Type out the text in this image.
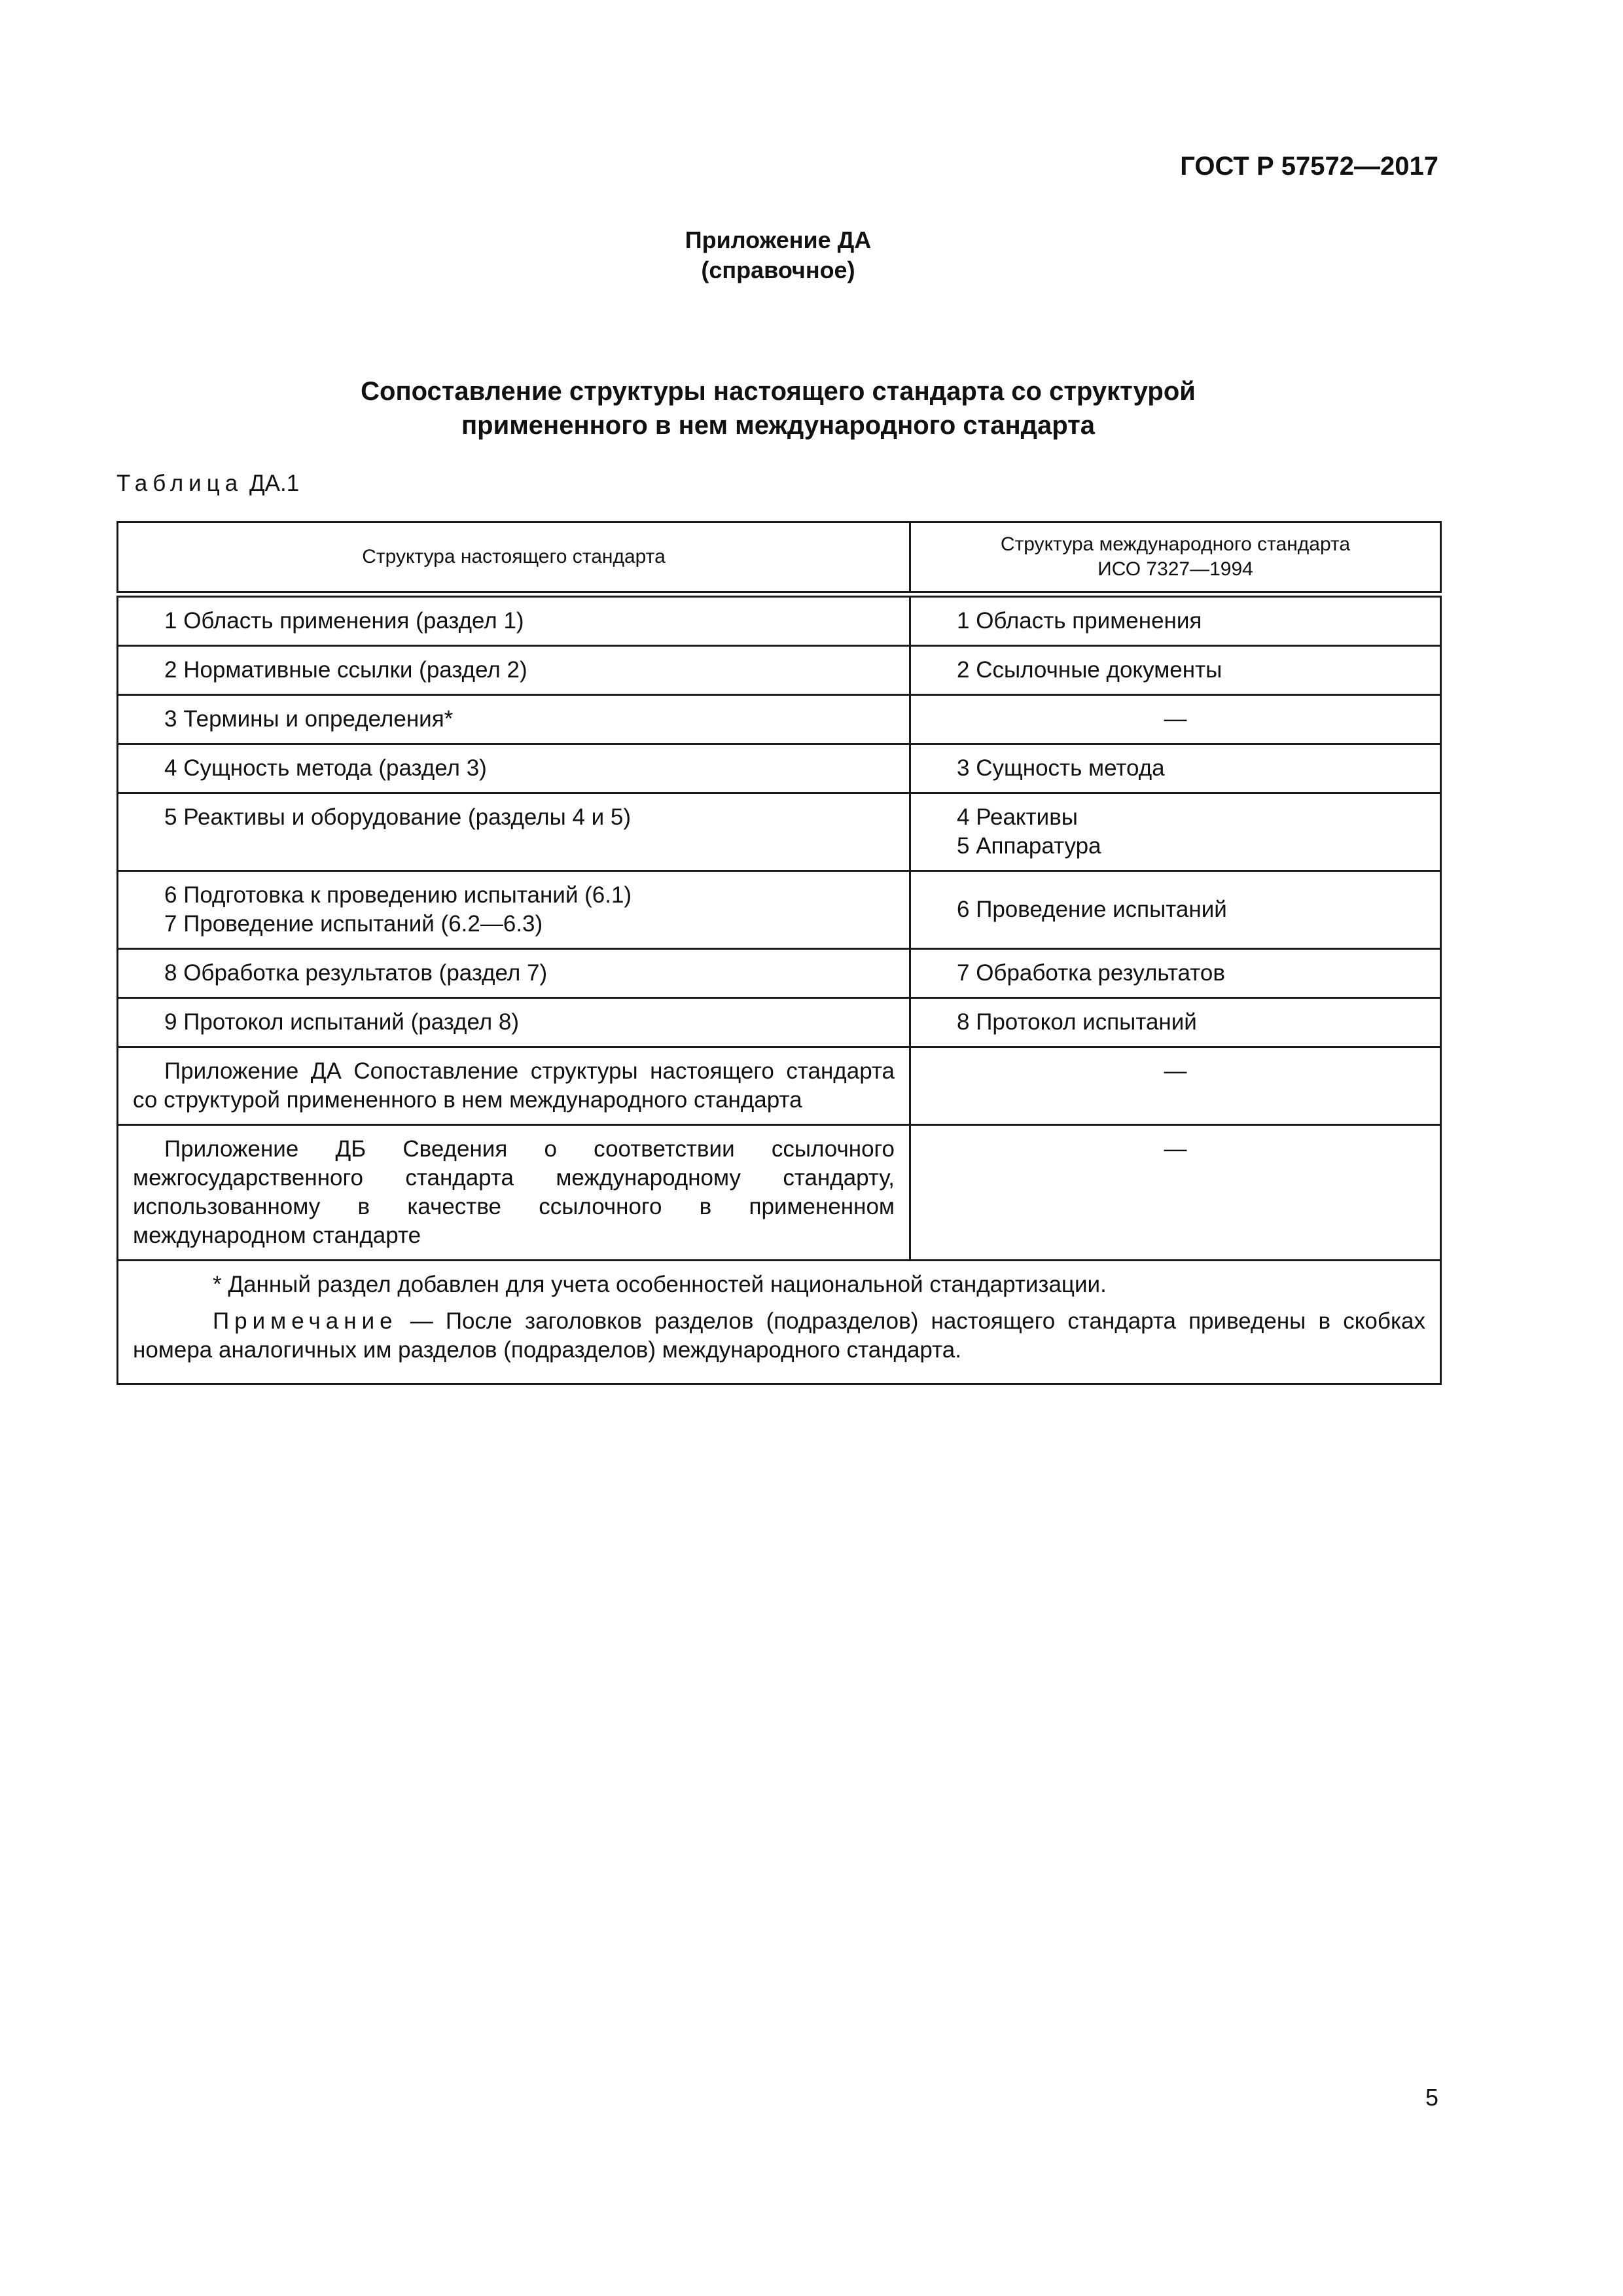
ГОСТ Р 57572—2017
Приложение ДА
(справочное)
Сопоставление структуры настоящего стандарта со структурой
примененного в нем международного стандарта
Таблица ДА.1
Структура настоящего стандарта	Структура международного стандарта
ИСО 7327—1994

1 Область применения (раздел 1)	1 Область применения
2 Нормативные ссылки (раздел 2)	2 Ссылочные документы
3 Термины и определения*	—
4 Сущность метода (раздел 3)	3 Сущность метода
5 Реактивы и оборудование (разделы 4 и 5)	4 Реактивы
5 Аппаратура

6 Подготовка к проведению испытаний (6.1)
7 Проведение испытаний (6.2—6.3)	6 Проведение испытаний
8 Обработка результатов (раздел 7)	7 Обработка результатов
9 Протокол испытаний (раздел 8)	8 Протокол испытаний
Приложение ДА Сопоставление структуры настоящего стандарта со структурой примененного в нем международного стандарта	—
Приложение ДБ Сведения о соответствии ссылочного межгосударственного стандарта международному стандарту, использованному в качестве ссылочного в примененном международном стандарте	—

* Данный раздел добавлен для учета особенностей национальной стандартизации.

Примечание — После заголовков разделов (подразделов) настоящего стандарта приведены в скобках номера аналогичных им разделов (подразделов) международного стандарта.	

5
